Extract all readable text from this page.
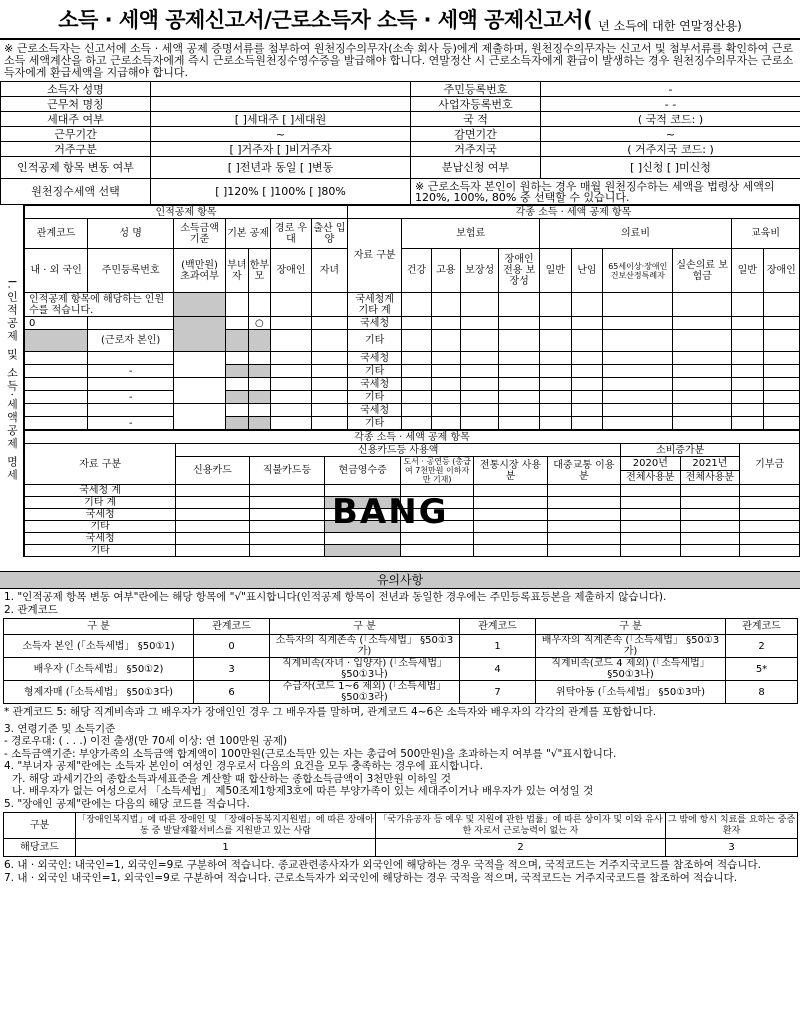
소득 · 세액 공제신고서/근로소득자 소득 · 세액 공제신고서( 년 소득에 대한 연말정산용)
※ 근로소득자는 신고서에 소득 · 세액 공제 증명서류를 첨부하여 원천징수의무자(소속 회사 등)에게 제출하며, 원천징수의무자는 신고서 및 첨부서류를 확인하여 근로소득 세액계산을 하고 근로소득자에게 즉시 근로소득원천징수영수증을 발급해야 합니다. 연말정산 시 근로소득자에게 환급이 발생하는 경우 원천징수의무자는 근로소득자에게 환급세액을 지급해야 합니다.
소득자 성명		주민등록번호	-
근무처 명칭		사업자등록번호	- -
세대주 여부	[ ]세대주 [ ]세대원	국 적	( 국적 코드: )
근무기간	~	감면기간	~
거주구분	[ ]거주자 [ ]비거주자	거주지국	( 거주지국 코드: )
인적공제 항목 변동 여부	[ ]전년과 동일 [ ]변동	분납신청 여부	[ ]신청 [ ]미신청
원천징수세액 선택	[ ]120% [ ]100% [ ]80%	※ 근로소득자 본인이 원하는 경우 매월 원천징수하는 세액을 법령상 세액의 120%, 100%, 80% 중 선택할 수 있습니다.	
I.인적공제 및 소득·세액공제 명세
인적공제 항목							각종 소득 · 세액 공제 항목										
관계코드	성 명	소득금액 기준	기본 공제		경로 우대	출산 입양	자료 구분	보험료				의료비				교육비	
내 · 외 국인	주민등록번호	(백만원) 초과여부	부녀자	한부모	장애인	자녀		건강	고용	보장성	장애인 전용 보장성	일반	난임	65세이상·장애인 건보산정특례자	실손의료 보험금	일반	장애인
인적공제 항목에 해당하는 인원수를 적습니다.							국세청계
기타 계										
0				○			국세청										
	(근로자 본인)						기타										
							국세청										
	-						기타										
							국세청										
	-						기타										
							국세청										
	-						기타										
각종 소득 · 세액 공제 항목									
자료 구분	신용카드등 사용액						소비증가분		기부금
	신용카드	직불카드등	현금영수증	도서 · 공연등 (총급여 7천만원 이하자만 기재)	전통시장 사용분	대중교통 이용분	2020년	2021년	
							전체사용분	전체사용분	
국세청 계									
기타 계									
국세청									
기타									
국세청									
기타									
BANG
유의사항
1. "인적공제 항목 변동 여부"란에는 해당 항목에 "√"표시합니다(인적공제 항목이 전년과 동일한 경우에는 주민등록표등본을 제출하지 않습니다).
2. 관계코드
구 분	관계코드	구 분	관계코드	구 분	관계코드
소득자 본인 (「소득세법」 §50①1)	0	소득자의 직계존속 (「소득세법」 §50①3가)	1	배우자의 직계존속 (「소득세법」 §50①3가)	2
배우자 (「소득세법」 §50①2)	3	직계비속(자녀 · 입양자) (「소득세법」 §50①3나)	4	직계비속(코드 4 제외) (「소득세법」 §50①3나)	5*
형제자매 (「소득세법」 §50①3다)	6	수급자(코드 1~6 제외) (「소득세법」 §50①3라)	7	위탁아동 (「소득세법」 §50①3마)	8
* 관계코드 5: 해당 직계비속과 그 배우자가 장애인인 경우 그 배우자를 말하며, 관계코드 4~6은 소득자와 배우자의 각각의 관계를 포함합니다.
3. 연령기준 및 소득기준
- 경로우대: ( . . .) 이전 출생(만 70세 이상: 연 100만원 공제)
- 소득금액기준: 부양가족의 소득금액 합계액이 100만원(근로소득만 있는 자는 총급여 500만원)을 초과하는지 여부를 "√"표시합니다.
4. "부녀자 공제"란에는 소득자 본인이 여성인 경우로서 다음의 요건을 모두 충족하는 경우에 표시합니다.
가. 해당 과세기간의 종합소득과세표준을 계산할 때 합산하는 종합소득금액이 3천만원 이하일 것
나. 배우자가 없는 여성으로서 「소득세법」 제50조제1항제3호에 따른 부양가족이 있는 세대주이거나 배우자가 있는 여성일 것
5. "장애인 공제"란에는 다음의 해당 코드를 적습니다.
구분	「장애인복지법」에 따른 장애인 및 「장애아동복지지원법」에 따른 장애아동 중 발달재활서비스를 지원받고 있는 사람	「국가유공자 등 예우 및 지원에 관한 법률」에 따른 상이자 및 이와 유사한 자로서 근로능력이 없는 자	그 밖에 항시 치료를 요하는 중증환자
해당코드	1	2	3
6. 내 · 외국인: 내국인=1, 외국인=9로 구분하여 적습니다. 종교관련종사자가 외국인에 해당하는 경우 국적을 적으며, 국적코드는 거주지국코드를 참조하여 적습니다.
7. 내 · 외국인 내국인=1, 외국인=9로 구분하여 적습니다. 근로소득자가 외국인에 해당하는 경우 국적을 적으며, 국적코드는 거주지국코드를 참조하여 적습니다.
